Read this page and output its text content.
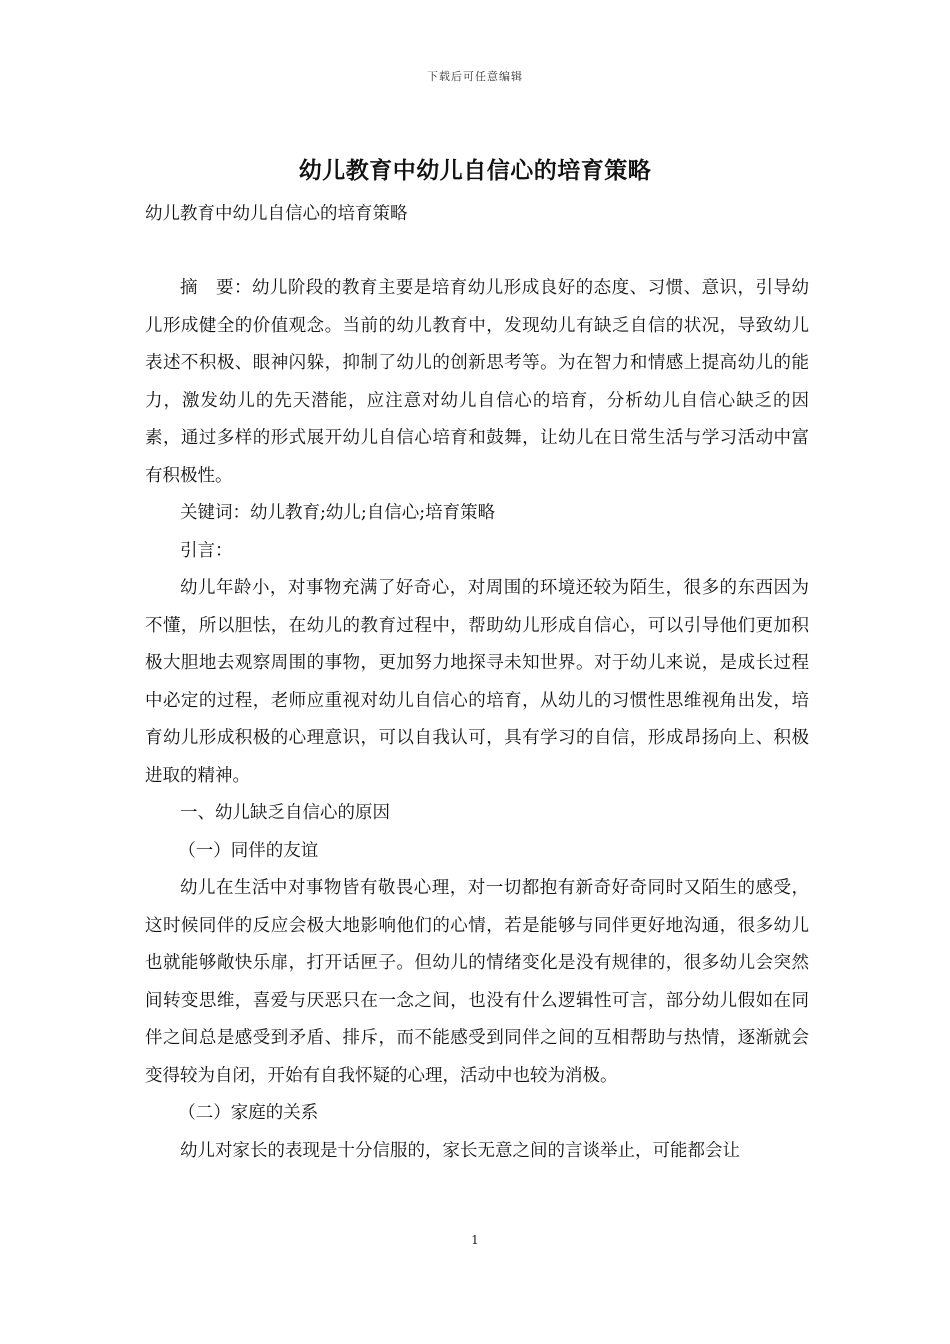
下载后可任意编辑
幼儿教育中幼儿自信心的培育策略

幼儿教育中幼儿自信心的培育策略

摘　要：幼儿阶段的教育主要是培育幼儿形成良好的态度、习惯、意识，引导幼儿形成健全的价值观念。当前的幼儿教育中，发现幼儿有缺乏自信的状况，导致幼儿表述不积极、眼神闪躲，抑制了幼儿的创新思考等。为在智力和情感上提高幼儿的能力，激发幼儿的先天潜能，应注意对幼儿自信心的培育，分析幼儿自信心缺乏的因素，通过多样的形式展开幼儿自信心培育和鼓舞，让幼儿在日常生活与学习活动中富有积极性。

关键词：幼儿教育;幼儿;自信心;培育策略

引言：

幼儿年龄小，对事物充满了好奇心，对周围的环境还较为陌生，很多的东西因为不懂，所以胆怯，在幼儿的教育过程中，帮助幼儿形成自信心，可以引导他们更加积极大胆地去观察周围的事物，更加努力地探寻未知世界。对于幼儿来说，是成长过程中必定的过程，老师应重视对幼儿自信心的培育，从幼儿的习惯性思维视角出发，培育幼儿形成积极的心理意识，可以自我认可，具有学习的自信，形成昂扬向上、积极进取的精神。

一、幼儿缺乏自信心的原因

（一）同伴的友谊

幼儿在生活中对事物皆有敬畏心理，对一切都抱有新奇好奇同时又陌生的感受，这时候同伴的反应会极大地影响他们的心情，若是能够与同伴更好地沟通，很多幼儿也就能够敞快乐扉，打开话匣子。但幼儿的情绪变化是没有规律的，很多幼儿会突然间转变思维，喜爱与厌恶只在一念之间，也没有什么逻辑性可言，部分幼儿假如在同伴之间总是感受到矛盾、排斥，而不能感受到同伴之间的互相帮助与热情，逐渐就会变得较为自闭，开始有自我怀疑的心理，活动中也较为消极。

（二）家庭的关系

幼儿对家长的表现是十分信服的，家长无意之间的言谈举止，可能都会让

1
